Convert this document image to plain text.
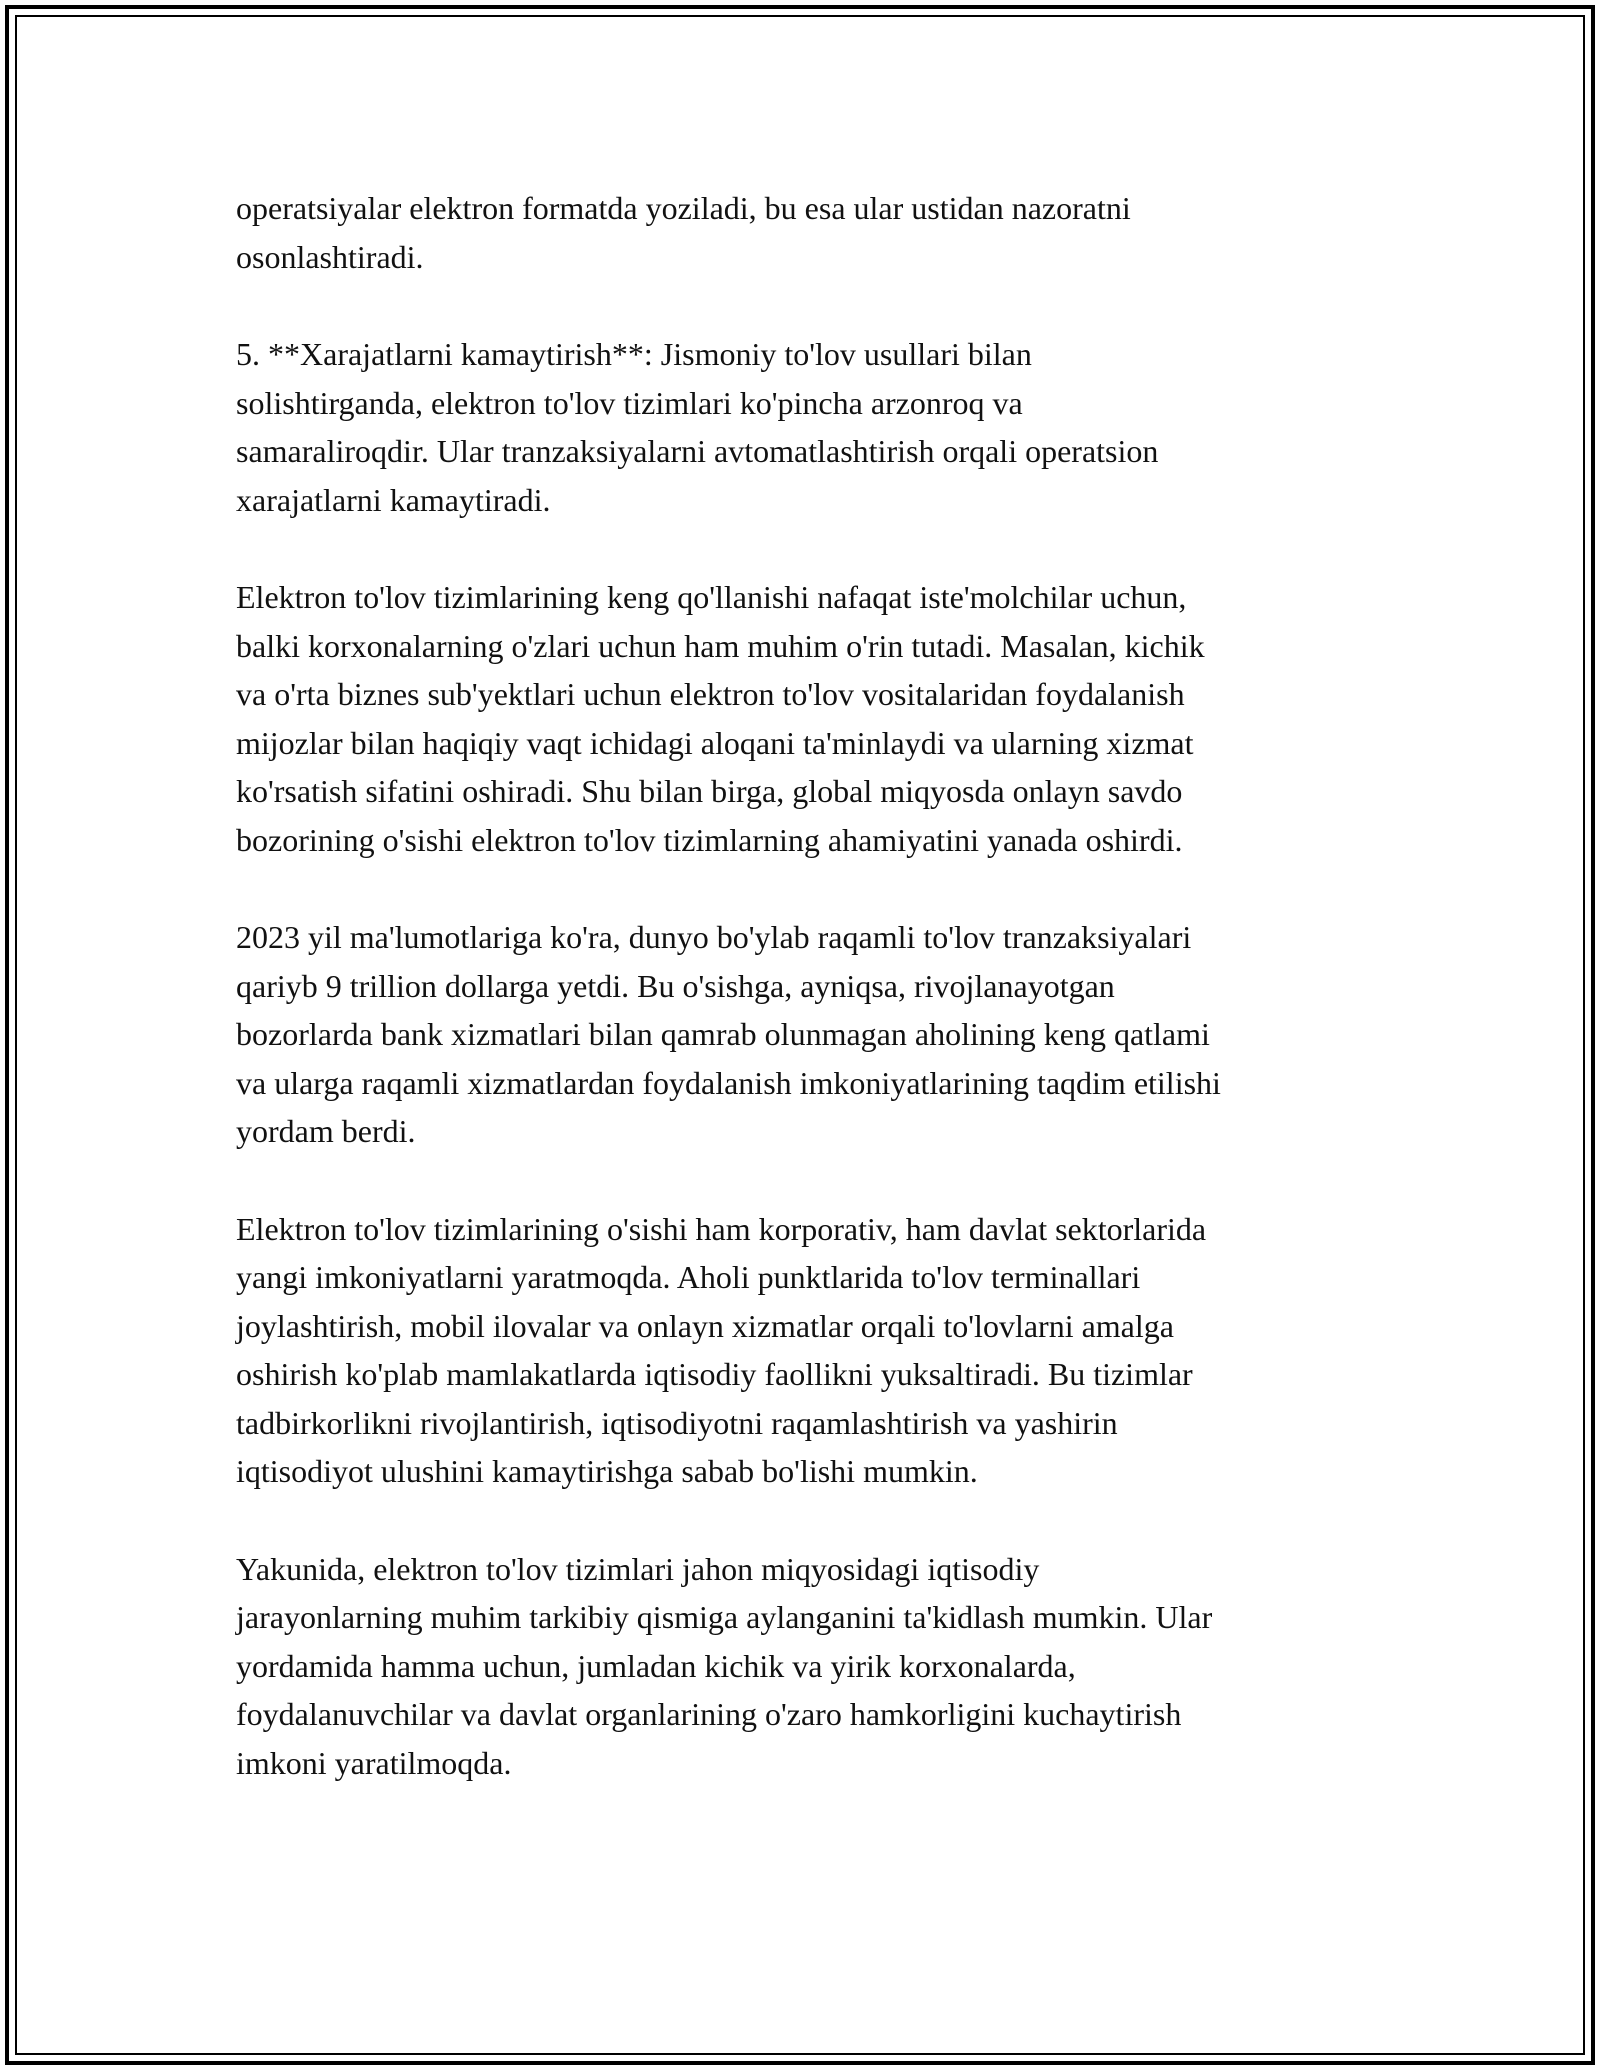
operatsiyalar elektron formatda yoziladi, bu esa ular ustidan nazoratni
osonlashtiradi.

5. **Xarajatlarni kamaytirish**: Jismoniy to'lov usullari bilan
solishtirganda, elektron to'lov tizimlari ko'pincha arzonroq va
samaraliroqdir. Ular tranzaksiyalarni avtomatlashtirish orqali operatsion
xarajatlarni kamaytiradi.

Elektron to'lov tizimlarining keng qo'llanishi nafaqat iste'molchilar uchun,
balki korxonalarning o'zlari uchun ham muhim o'rin tutadi. Masalan, kichik
va o'rta biznes sub'yektlari uchun elektron to'lov vositalaridan foydalanish
mijozlar bilan haqiqiy vaqt ichidagi aloqani ta'minlaydi va ularning xizmat
ko'rsatish sifatini oshiradi. Shu bilan birga, global miqyosda onlayn savdo
bozorining o'sishi elektron to'lov tizimlarning ahamiyatini yanada oshirdi.

2023 yil ma'lumotlariga ko'ra, dunyo bo'ylab raqamli to'lov tranzaksiyalari
qariyb 9 trillion dollarga yetdi. Bu o'sishga, ayniqsa, rivojlanayotgan
bozorlarda bank xizmatlari bilan qamrab olunmagan aholining keng qatlami
va ularga raqamli xizmatlardan foydalanish imkoniyatlarining taqdim etilishi
yordam berdi.

Elektron to'lov tizimlarining o'sishi ham korporativ, ham davlat sektorlarida
yangi imkoniyatlarni yaratmoqda. Aholi punktlarida to'lov terminallari
joylashtirish, mobil ilovalar va onlayn xizmatlar orqali to'lovlarni amalga
oshirish ko'plab mamlakatlarda iqtisodiy faollikni yuksaltiradi. Bu tizimlar
tadbirkorlikni rivojlantirish, iqtisodiyotni raqamlashtirish va yashirin
iqtisodiyot ulushini kamaytirishga sabab bo'lishi mumkin.

Yakunida, elektron to'lov tizimlari jahon miqyosidagi iqtisodiy
jarayonlarning muhim tarkibiy qismiga aylanganini ta'kidlash mumkin. Ular
yordamida hamma uchun, jumladan kichik va yirik korxonalarda,
foydalanuvchilar va davlat organlarining o'zaro hamkorligini kuchaytirish
imkoni yaratilmoqda.
